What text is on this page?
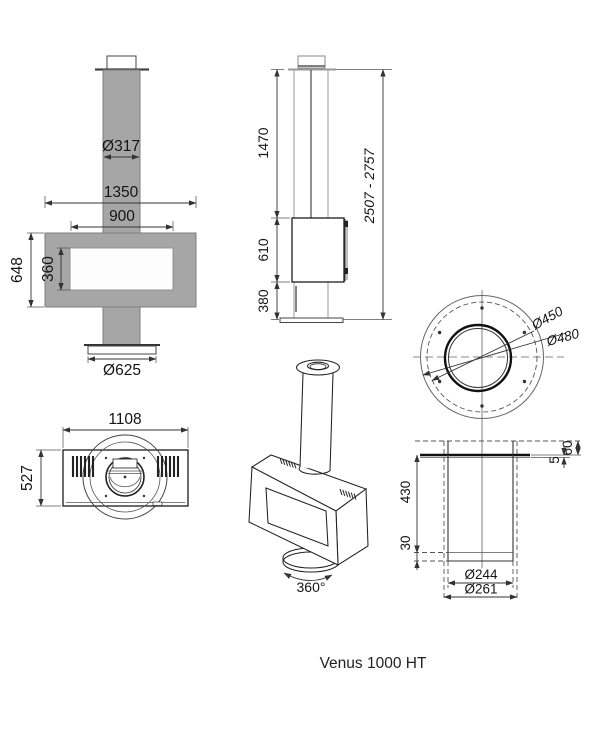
Ø317
1350
900
360
648
Ø625
1470
610
380
2507 - 2757
Ø450
Ø480
1108
527
360°
430
30
60
5
Ø244
Ø261
Venus 1000 HT
